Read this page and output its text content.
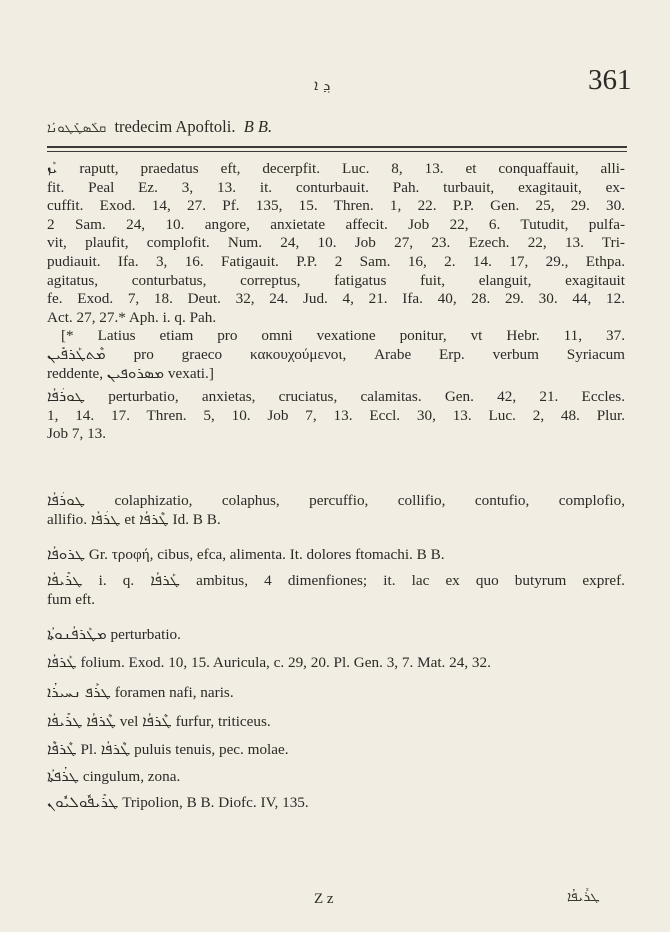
ܕ݂ ܐ	361
ܩܠܰܣܛܺܛܘܢܰܐ tredecim Apoftoli. B B.
ܝܰܙ raputt, praedatus eft, decerpfit. Luc. 8, 13. et conquaffauit, alli-
fit. Peal Ez. 3, 13. it. conturbauit. Pah. turbauit, exagitauit, ex-
cuffit. Exod. 14, 27. Pf. 135, 15. Thren. 1, 22. P.P. Gen. 25, 29. 30.
2 Sam. 24, 10. angore, anxietate affecit. Job 22, 6. Tutudit, pulfa-
vit, plaufit, complofit. Num. 24, 10. Job 27, 23. Ezech. 22, 13. Tri-
pudiauit. Ifa. 3, 16. Fatigauit. P.P. 2 Sam. 16, 2. 14. 17, 29., Ethpa.
agitatus, conturbatus, correptus, fatigatus fuit, elanguit, exagitauit
fe. Exod. 7, 18. Deut. 32, 24. Jud. 4, 21. Ifa. 40, 28. 29. 30. 44, 12.
Act. 27, 27.* Aph. i. q. Pah.
[* Latius etiam pro omni vexatione ponitur, vt Hebr. 11, 37.
ܡܶܬܛܰܪܦܺܝܢ pro graeco κακουχούμενοι, Arabe Erp. verbum Syriacum
reddente, ܡܣܪܘܦܝܢ vexati.]
ܛܘܪܳܦܳܐ perturbatio, anxietas, cruciatus, calamitas. Gen. 42, 21. Eccles.
1, 14. 17. Thren. 5, 10. Job 7, 13. Eccl. 30, 13. Luc. 2, 48. Plur.
Job 7, 13.
ܛܘܪܳܦܳܐ colaphizatio, colaphus, percuffio, collifio, contufio, complofio,
allifio. ܛܪܳܦܳܐ et ܛܶܪܦܳܐ Id. B B.
ܛܪܘܦܳܐ Gr. τροφή, cibus, efca, alimenta. It. dolores ftomachi. B B.
ܛܪܺܝܦܳܐ i. q. ܛܰܪܦܳܐ ambitus, 4 dimenfiones; it. lac ex quo butyrum expref.
fum eft.
ܡܛܰܪܦܳܢܘܬܳܐ perturbatio.
ܛܰܪܦܳܐ folium. Exod. 10, 15. Auricula, c. 29, 20. Pl. Gen. 3, 7. Mat. 24, 32.
ܛܪܰܦ ܢܚܝܪܳܐ foramen nafi, naris.
ܛܶܪܦܳܐ ܛܪܺܝܦܳܐ vel ܛܶܪܦܳܐ furfur, triticeus.
ܛܶܪܦܶܐ Pl. ܛܶܪܦܳܐ puluis tenuis, pec. molae.
ܛܪܳܦܬܳܐ cingulum, zona.
ܛܪܺܝܦܽܘܠܝܽܘܢ Tripolion, B B. Diofc. IV, 135.
Z z	ܛܪܺܝܦܳܐ
